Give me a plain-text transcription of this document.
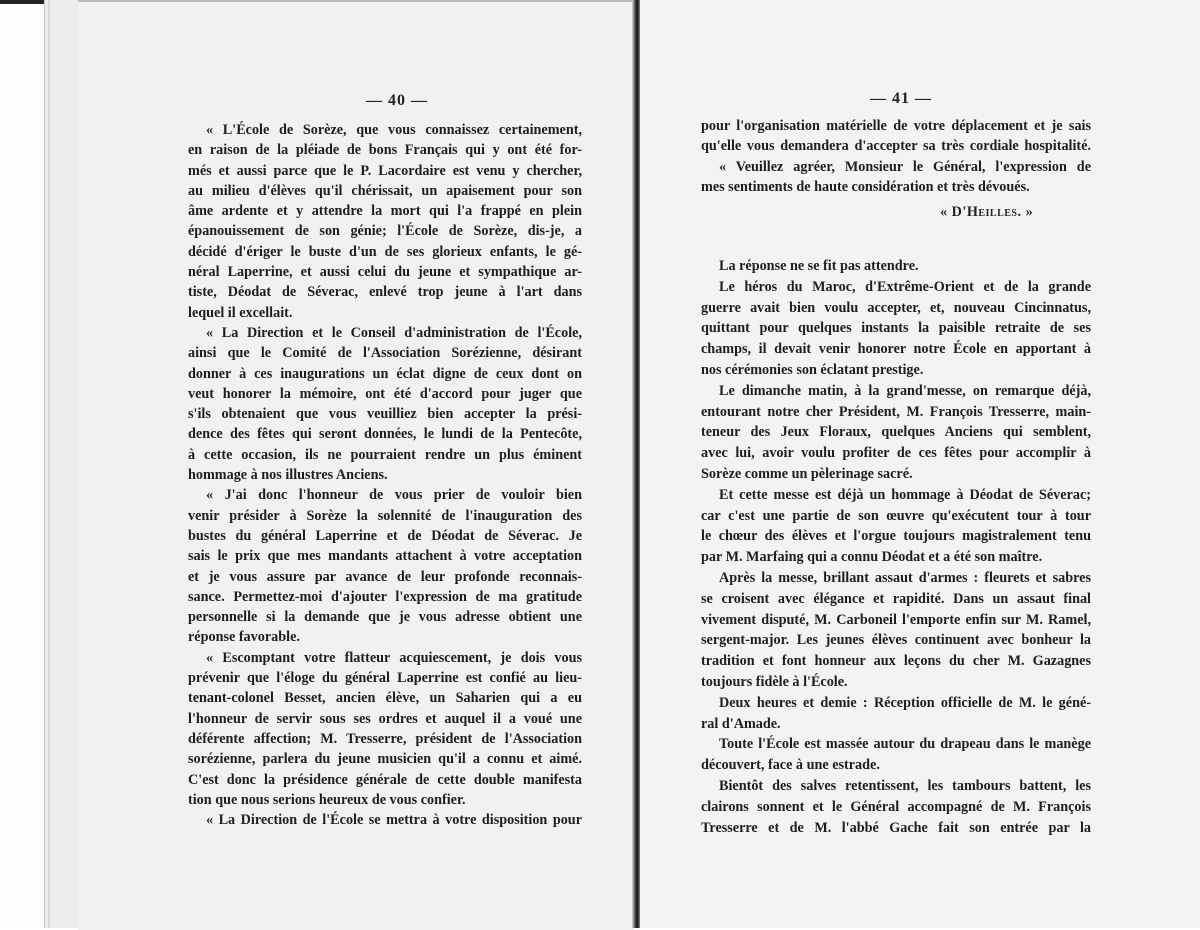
— 40 —
« L'École de Sorèze, que vous connaissez certainement,
en raison de la pléiade de bons Français qui y ont été for-
més et aussi parce que le P. Lacordaire est venu y chercher,
au milieu d'élèves qu'il chérissait, un apaisement pour son
âme ardente et y attendre la mort qui l'a frappé en plein
épanouissement de son génie; l'École de Sorèze, dis-je, a
décidé d'ériger le buste d'un de ses glorieux enfants, le gé-
néral Laperrine, et aussi celui du jeune et sympathique ar-
tiste, Déodat de Séverac, enlevé trop jeune à l'art dans
lequel il excellait.
« La Direction et le Conseil d'administration de l'École,
ainsi que le Comité de l'Association Sorézienne, désirant
donner à ces inaugurations un éclat digne de ceux dont on
veut honorer la mémoire, ont été d'accord pour juger que
s'ils obtenaient que vous veuilliez bien accepter la prési-
dence des fêtes qui seront données, le lundi de la Pentecôte,
à cette occasion, ils ne pourraient rendre un plus éminent
hommage à nos illustres Anciens.
« J'ai donc l'honneur de vous prier de vouloir bien
venir présider à Sorèze la solennité de l'inauguration des
bustes du général Laperrine et de Déodat de Séverac. Je
sais le prix que mes mandants attachent à votre acceptation
et je vous assure par avance de leur profonde reconnais-
sance. Permettez-moi d'ajouter l'expression de ma gratitude
personnelle si la demande que je vous adresse obtient une
réponse favorable.
« Escomptant votre flatteur acquiescement, je dois vous
prévenir que l'éloge du général Laperrine est confié au lieu-
tenant-colonel Besset, ancien élève, un Saharien qui a eu
l'honneur de servir sous ses ordres et auquel il a voué une
déférente affection; M. Tresserre, président de l'Association
sorézienne, parlera du jeune musicien qu'il a connu et aimé.
C'est donc la présidence générale de cette double manifesta
tion que nous serions heureux de vous confier.
« La Direction de l'École se mettra à votre disposition pour
— 41 —
pour l'organisation matérielle de votre déplacement et je sais
qu'elle vous demandera d'accepter sa très cordiale hospitalité.
« Veuillez agréer, Monsieur le Général, l'expression de
mes sentiments de haute considération et très dévoués.
« D'Heilles. »
La réponse ne se fit pas attendre.
Le héros du Maroc, d'Extrême-Orient et de la grande
guerre avait bien voulu accepter, et, nouveau Cincinnatus,
quittant pour quelques instants la paisible retraite de ses
champs, il devait venir honorer notre École en apportant à
nos cérémonies son éclatant prestige.
Le dimanche matin, à la grand'messe, on remarque déjà,
entourant notre cher Président, M. François Tresserre, main-
teneur des Jeux Floraux, quelques Anciens qui semblent,
avec lui, avoir voulu profiter de ces fêtes pour accomplir à
Sorèze comme un pèlerinage sacré.
Et cette messe est déjà un hommage à Déodat de Séverac;
car c'est une partie de son œuvre qu'exécutent tour à tour
le chœur des élèves et l'orgue toujours magistralement tenu
par M. Marfaing qui a connu Déodat et a été son maître.
Après la messe, brillant assaut d'armes : fleurets et sabres
se croisent avec élégance et rapidité. Dans un assaut final
vivement disputé, M. Carboneil l'emporte enfin sur M. Ramel,
sergent-major. Les jeunes élèves continuent avec bonheur la
tradition et font honneur aux leçons du cher M. Gazagnes
toujours fidèle à l'École.
Deux heures et demie : Réception officielle de M. le géné-
ral d'Amade.
Toute l'École est massée autour du drapeau dans le manège
découvert, face à une estrade.
Bientôt des salves retentissent, les tambours battent, les
clairons sonnent et le Général accompagné de M. François
Tresserre et de M. l'abbé Gache fait son entrée par la
